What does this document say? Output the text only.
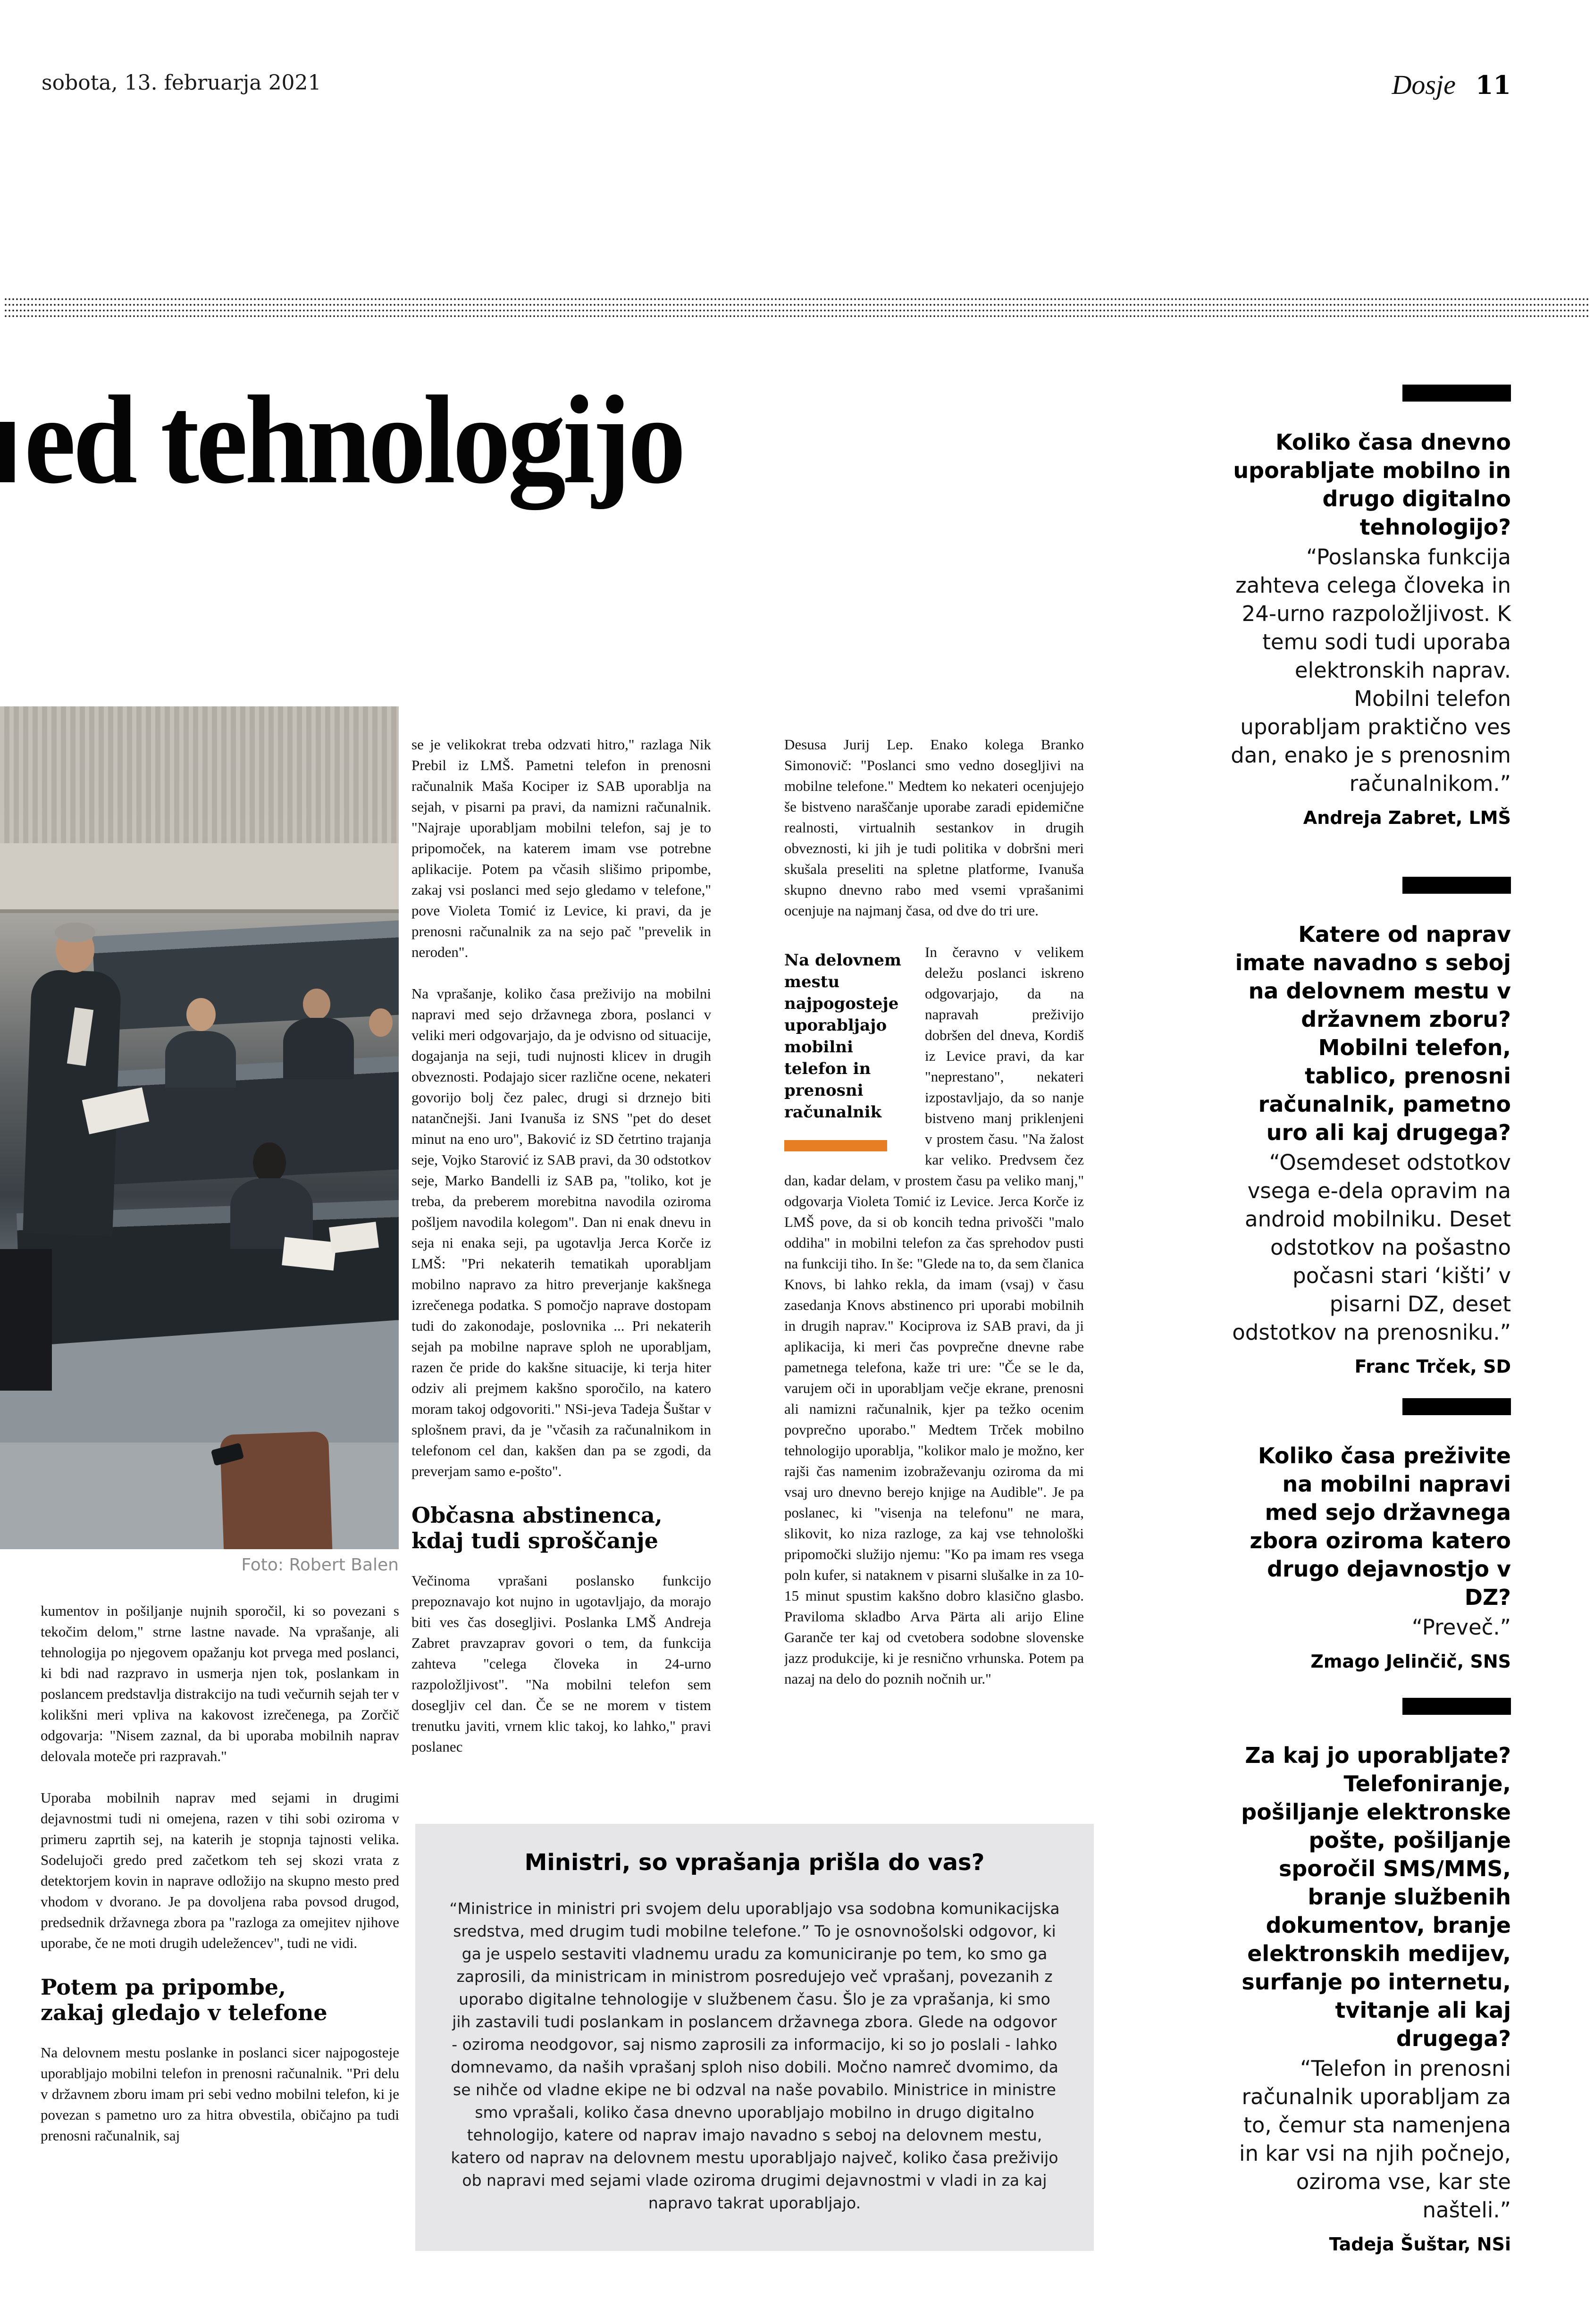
sobota, 13. februarja 2021	Dosje 11
ed tehnologijo
Foto: Robert Balen

kumentov in pošiljanje nujnih sporočil, ki so povezani s tekočim delom," strne lastne navade. Na vprašanje, ali tehnologija po njegovem opažanju kot prvega med poslanci, ki bdi nad razpravo in usmerja njen tok, poslankam in poslancem predstavlja distrakcijo na tudi večurnih sejah ter v kolikšni meri vpliva na kakovost izrečenega, pa Zorčič odgovarja: "Nisem zaznal, da bi uporaba mobilnih naprav delovala moteče pri razpravah."

Uporaba mobilnih naprav med sejami in drugimi dejavnostmi tudi ni omejena, razen v tihi sobi oziroma v primeru zaprtih sej, na katerih je stopnja tajnosti velika. Sodelujoči gredo pred začetkom teh sej skozi vrata z detektorjem kovin in naprave odložijo na skupno mesto pred vhodom v dvorano. Je pa dovoljena raba povsod drugod, predsednik državnega zbora pa "razloga za omejitev njihove uporabe, če ne moti drugih udeležencev", tudi ne vidi.

Potem pa pripombe,
zakaj gledajo v telefone

Na delovnem mestu poslanke in poslanci sicer najpogosteje uporabljajo mobilni telefon in prenosni računalnik. "Pri delu v državnem zboru imam pri sebi vedno mobilni telefon, ki je povezan s pametno uro za hitra obvestila, običajno pa tudi prenosni računalnik, saj

se je velikokrat treba odzvati hitro," razlaga Nik Prebil iz LMŠ. Pametni telefon in prenosni računalnik Maša Kociper iz SAB uporablja na sejah, v pisarni pa pravi, da namizni računalnik. "Najraje uporabljam mobilni telefon, saj je to pripomoček, na katerem imam vse potrebne aplikacije. Potem pa včasih slišimo pripombe, zakaj vsi poslanci med sejo gledamo v telefone," pove Violeta Tomić iz Levice, ki pravi, da je prenosni računalnik za na sejo pač "prevelik in neroden".

Na vprašanje, koliko časa preživijo na mobilni napravi med sejo državnega zbora, poslanci v veliki meri odgovarjajo, da je odvisno od situacije, dogajanja na seji, tudi nujnosti klicev in drugih obveznosti. Podajajo sicer različne ocene, nekateri govorijo bolj čez palec, drugi si drznejo biti natančnejši. Jani Ivanuša iz SNS "pet do deset minut na eno uro", Baković iz SD četrtino trajanja seje, Vojko Starović iz SAB pravi, da 30 odstotkov seje, Marko Bandelli iz SAB pa, "toliko, kot je treba, da preberem morebitna navodila oziroma pošljem navodila kolegom". Dan ni enak dnevu in seja ni enaka seji, pa ugotavlja Jerca Korče iz LMŠ: "Pri nekaterih tematikah uporabljam mobilno napravo za hitro preverjanje kakšnega izrečenega podatka. S pomočjo naprave dostopam tudi do zakonodaje, poslovnika ... Pri nekaterih sejah pa mobilne naprave sploh ne uporabljam, razen če pride do kakšne situacije, ki terja hiter odziv ali prejmem kakšno sporočilo, na katero moram takoj odgovoriti." NSi-jeva Tadeja Šuštar v splošnem pravi, da je "včasih za računalnikom in telefonom cel dan, kakšen dan pa se zgodi, da preverjam samo e-pošto".

Občasna abstinenca,
kdaj tudi sproščanje

Večinoma vprašani poslansko funkcijo prepoznavajo kot nujno in ugotavljajo, da morajo biti ves čas dosegljivi. Poslanka LMŠ Andreja Zabret pravzaprav govori o tem, da funkcija zahteva "celega človeka in 24-urno razpoložljivost". "Na mobilni telefon sem dosegljiv cel dan. Če se ne morem v tistem trenutku javiti, vrnem klic takoj, ko lahko," pravi poslanec

Desusa Jurij Lep. Enako kolega Branko Simonovič: "Poslanci smo vedno dosegljivi na mobilne telefone." Medtem ko nekateri ocenjujejo še bistveno naraščanje uporabe zaradi epidemične realnosti, virtualnih sestankov in drugih obveznosti, ki jih je tudi politika v dobršni meri skušala preseliti na spletne platforme, Ivanuša skupno dnevno rabo med vsemi vprašanimi ocenjuje na najmanj časa, od dve do tri ure.

Na delovnem mestu najpogosteje uporabljajo mobilni telefon in prenosni računalnik

In čeravno v velikem deležu poslanci iskreno odgovarjajo, da na napravah preživijo dobršen del dneva, Kordiš iz Levice pravi, da kar "neprestano", nekateri izpostavljajo, da so nanje bistveno manj priklenjeni v prostem času. "Na žalost kar veliko. Predvsem čez dan, kadar delam, v prostem času pa veliko manj," odgovarja Violeta Tomić iz Levice. Jerca Korče iz LMŠ pove, da si ob koncih tedna privošči "malo oddiha" in mobilni telefon za čas sprehodov pusti na funkciji tiho. In še: "Glede na to, da sem članica Knovs, bi lahko rekla, da imam (vsaj) v času zasedanja Knovs abstinenco pri uporabi mobilnih in drugih naprav." Kociprova iz SAB pravi, da ji aplikacija, ki meri čas povprečne dnevne rabe pametnega telefona, kaže tri ure: "Če se le da, varujem oči in uporabljam večje ekrane, prenosni ali namizni računalnik, kjer pa težko ocenim povprečno uporabo." Medtem Trček mobilno tehnologijo uporablja, "kolikor malo je možno, ker rajši čas namenim izobraževanju oziroma da mi vsaj uro dnevno berejo knjige na Audible". Je pa poslanec, ki "visenja na telefonu" ne mara, slikovit, ko niza razloge, za kaj vse tehnološki pripomočki služijo njemu: "Ko pa imam res vsega poln kufer, si nataknem v pisarni slušalke in za 10-15 minut spustim kakšno dobro klasično glasbo. Praviloma skladbo Arva Pärta ali arijo Eline Garanče ter kaj od cvetobera sodobne slovenske jazz produkcije, ki je resnično vrhunska. Potem pa nazaj na delo do poznih nočnih ur."

Ministri, so vprašanja prišla do vas?

“Ministrice in ministri pri svojem delu uporabljajo vsa sodobna komunikacijska sredstva, med drugim tudi mobilne telefone.” To je osnovnošolski odgovor, ki ga je uspelo sestaviti vladnemu uradu za komuniciranje po tem, ko smo ga zaprosili, da ministricam in ministrom posredujejo več vprašanj, povezanih z uporabo digitalne tehnologije v službenem času. Šlo je za vprašanja, ki smo jih zastavili tudi poslankam in poslancem državnega zbora. Glede na odgovor - oziroma neodgovor, saj nismo zaprosili za informacijo, ki so jo poslali - lahko domnevamo, da naših vprašanj sploh niso dobili. Močno namreč dvomimo, da se nihče od vladne ekipe ne bi odzval na naše povabilo. Ministrice in ministre smo vprašali, koliko časa dnevno uporabljajo mobilno in drugo digitalno tehnologijo, katere od naprav imajo navadno s seboj na delovnem mestu, katero od naprav na delovnem mestu uporabljajo največ, koliko časa preživijo ob napravi med sejami vlade oziroma drugimi dejavnostmi v vladi in za kaj napravo takrat uporabljajo.

Koliko časa dnevno uporabljate mobilno in drugo digitalno tehnologijo?
“Poslanska funkcija zahteva celega človeka in 24-urno razpoložljivost. K temu sodi tudi uporaba elektronskih naprav. Mobilni telefon uporabljam praktično ves dan, enako je s prenosnim računalnikom.”
Andreja Zabret, LMŠ
Katere od naprav imate navadno s seboj na delovnem mestu v državnem zboru? Mobilni telefon, tablico, prenosni računalnik, pametno uro ali kaj drugega?
“Osemdeset odstotkov vsega e-dela opravim na android mobilniku. Deset odstotkov na pošastno počasni stari ‘kišti’ v pisarni DZ, deset odstotkov na prenosniku.”
Franc Trček, SD
Koliko časa preživite na mobilni napravi med sejo državnega zbora oziroma katero drugo dejavnostjo v DZ?
“Preveč.”
Zmago Jelinčič, SNS
Za kaj jo uporabljate? Telefoniranje, pošiljanje elektronske pošte, pošiljanje sporočil SMS/MMS, branje službenih dokumentov, branje elektronskih medijev, surfanje po internetu, tvitanje ali kaj drugega?
“Telefon in prenosni računalnik uporabljam za to, čemur sta namenjena in kar vsi na njih počnejo, oziroma vse, kar ste našteli.”
Tadeja Šuštar, NSi
